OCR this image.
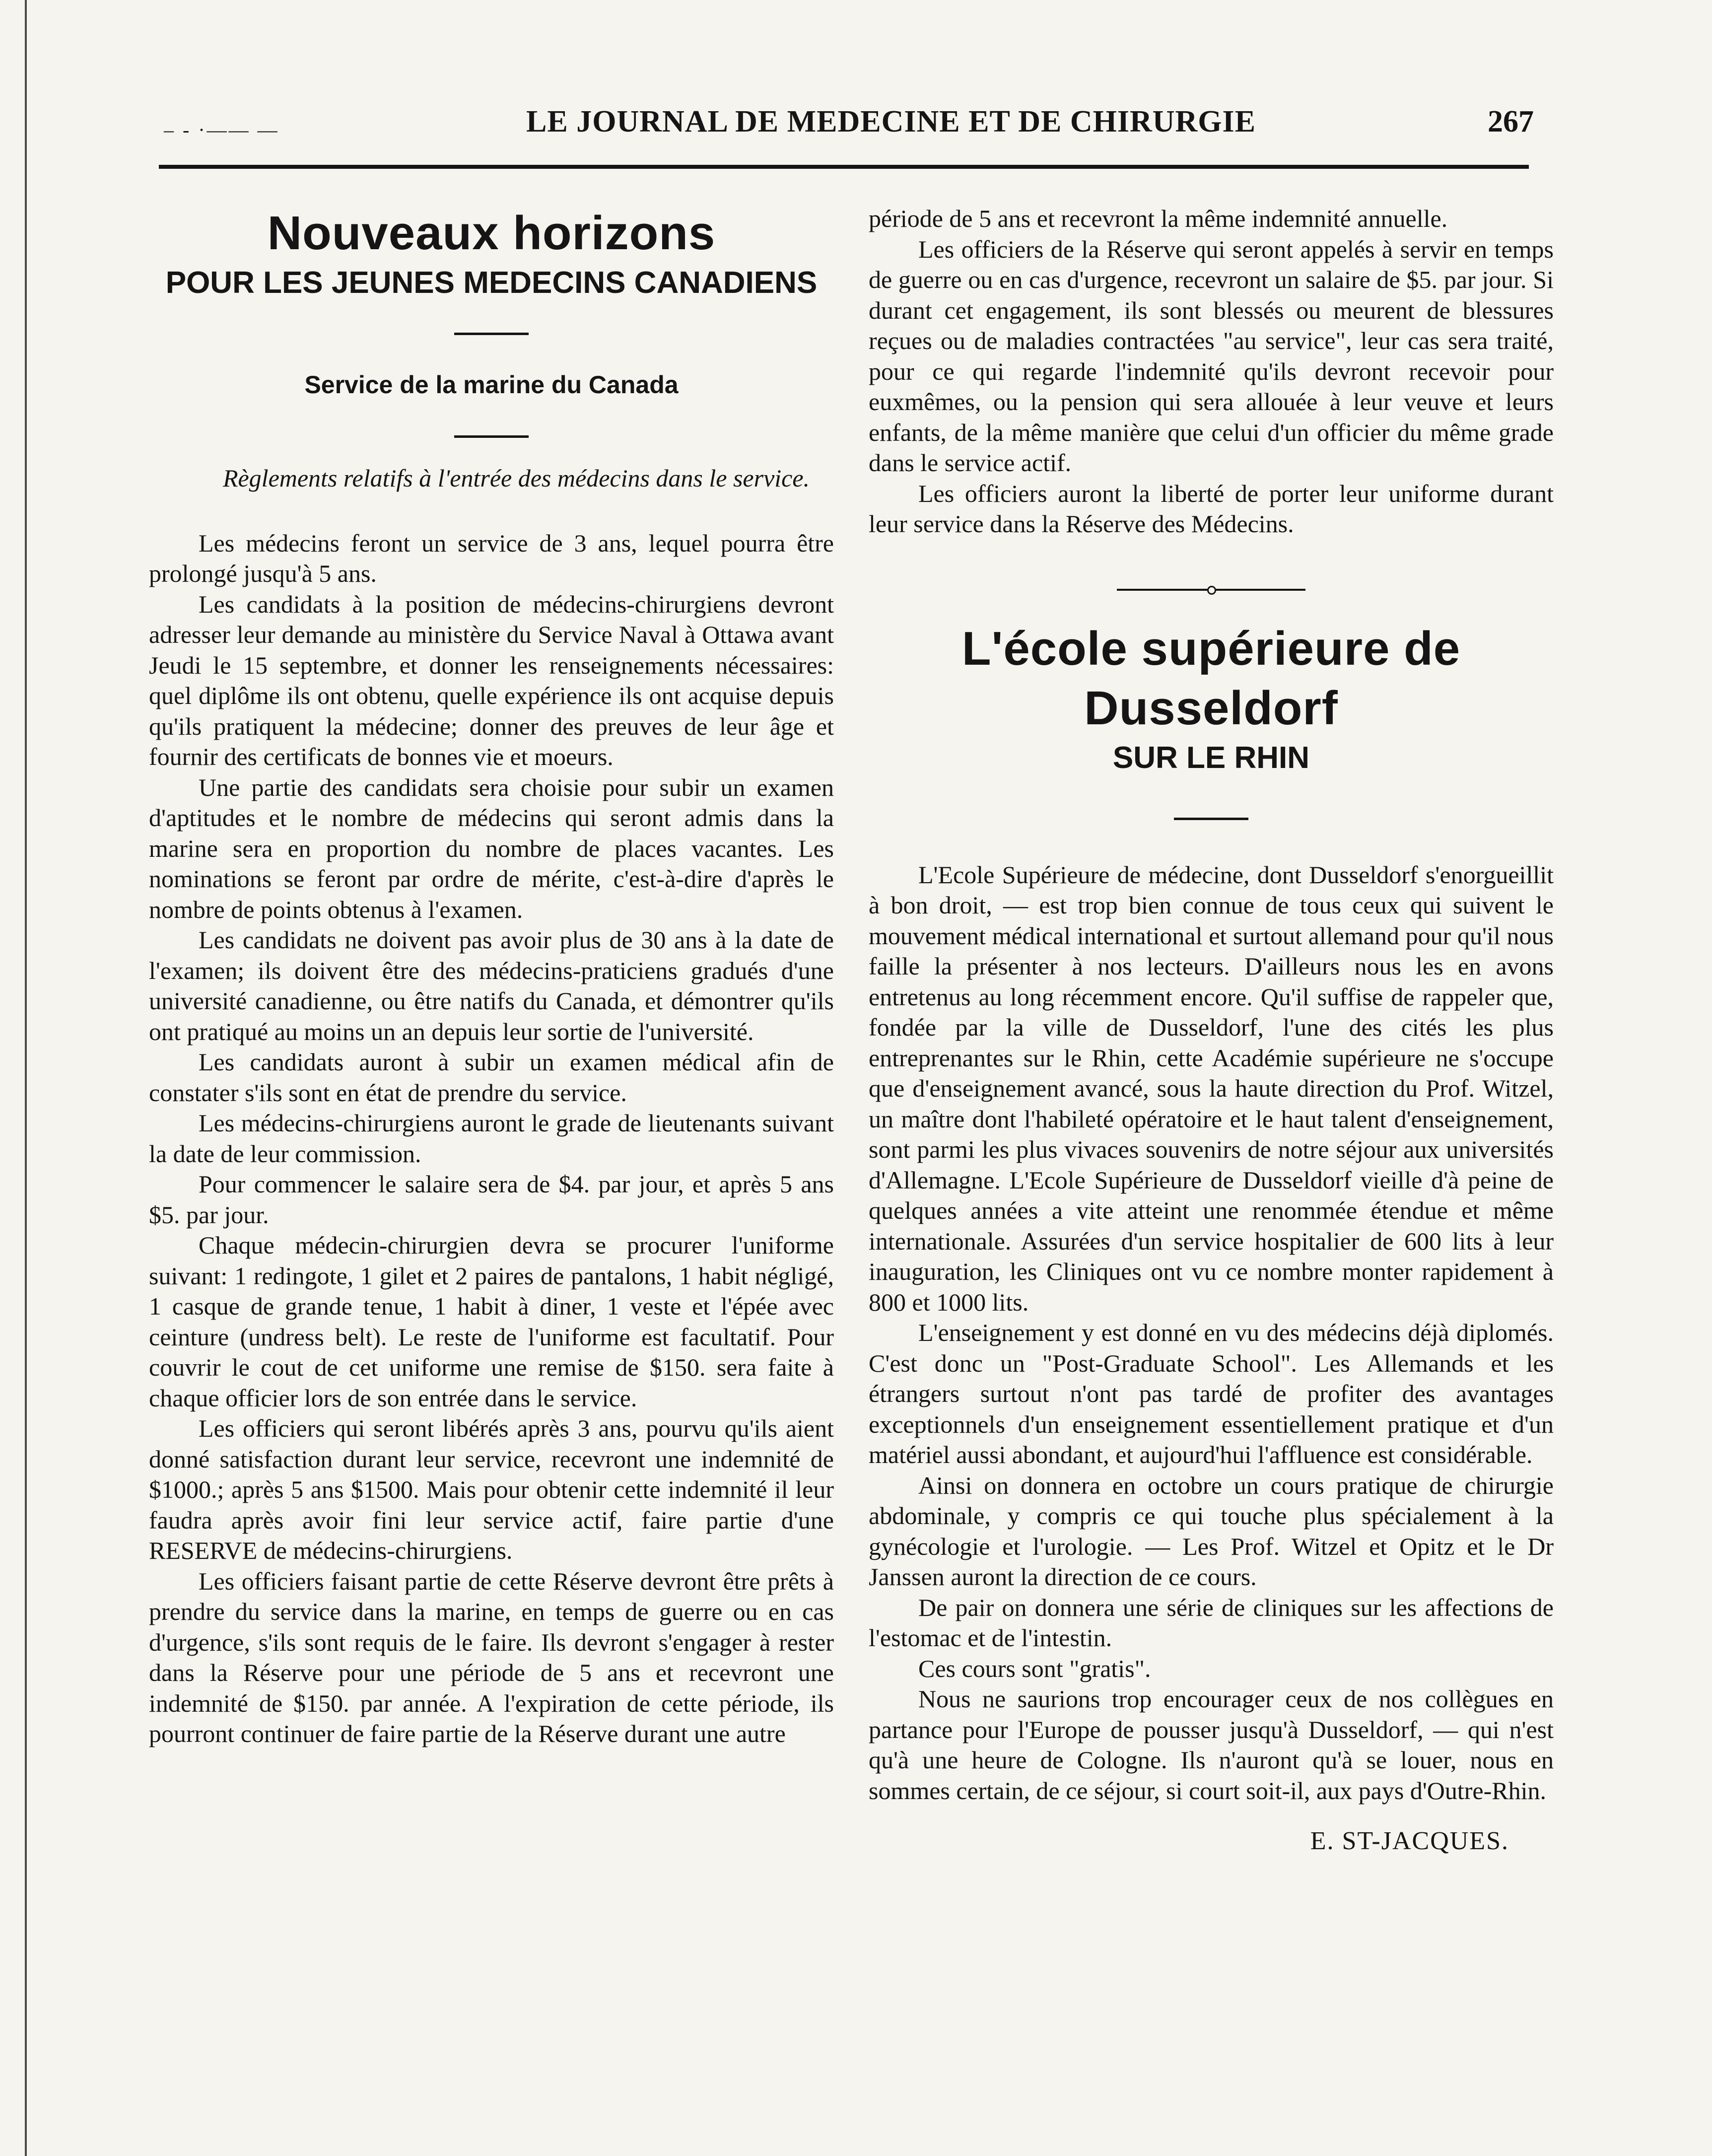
– - ·—— —	LE JOURNAL DE MEDECINE ET DE CHIRURGIE	267
Nouveaux horizons
POUR LES JEUNES MEDECINS CANADIENS
Service de la marine du Canada

Règlements relatifs à l'entrée des médecins dans le service.

Les médecins feront un service de 3 ans, lequel pourra être prolongé jusqu'à 5 ans.

Les candidats à la position de médecins-chirurgiens devront adresser leur demande au ministère du Service Naval à Ottawa avant Jeudi le 15 septembre, et donner les renseignements nécessaires: quel diplôme ils ont obtenu, quelle expérience ils ont acquise depuis qu'ils pratiquent la médecine; donner des preuves de leur âge et fournir des certificats de bonnes vie et moeurs.

Une partie des candidats sera choisie pour subir un examen d'aptitudes et le nombre de médecins qui seront admis dans la marine sera en proportion du nombre de places vacantes. Les nominations se feront par ordre de mérite, c'est-à-dire d'après le nombre de points obtenus à l'examen.

Les candidats ne doivent pas avoir plus de 30 ans à la date de l'examen; ils doivent être des médecins-praticiens gradués d'une université canadienne, ou être natifs du Canada, et démontrer qu'ils ont pratiqué au moins un an depuis leur sortie de l'université.

Les candidats auront à subir un examen médical afin de constater s'ils sont en état de prendre du service.

Les médecins-chirurgiens auront le grade de lieutenants suivant la date de leur commission.

Pour commencer le salaire sera de $4. par jour, et après 5 ans $5. par jour.

Chaque médecin-chirurgien devra se procurer l'uniforme suivant: 1 redingote, 1 gilet et 2 paires de pantalons, 1 habit négligé, 1 casque de grande tenue, 1 habit à diner, 1 veste et l'épée avec ceinture (undress belt). Le reste de l'uniforme est facultatif. Pour couvrir le cout de cet uniforme une remise de $150. sera faite à chaque officier lors de son entrée dans le service.

Les officiers qui seront libérés après 3 ans, pourvu qu'ils aient donné satisfaction durant leur service, recevront une indemnité de $1000.; après 5 ans $1500. Mais pour obtenir cette indemnité il leur faudra après avoir fini leur service actif, faire partie d'une RESERVE de médecins-chirurgiens.

Les officiers faisant partie de cette Réserve devront être prêts à prendre du service dans la marine, en temps de guerre ou en cas d'urgence, s'ils sont requis de le faire. Ils devront s'engager à rester dans la Réserve pour une période de 5 ans et recevront une indemnité de $150. par année. A l'expiration de cette période, ils pourront continuer de faire partie de la Réserve durant une autre

période de 5 ans et recevront la même indemnité annuelle.

Les officiers de la Réserve qui seront appelés à servir en temps de guerre ou en cas d'urgence, recevront un salaire de $5. par jour. Si durant cet engagement, ils sont blessés ou meurent de blessures reçues ou de maladies contractées "au service", leur cas sera traité, pour ce qui regarde l'indemnité qu'ils devront recevoir pour euxmêmes, ou la pension qui sera allouée à leur veuve et leurs enfants, de la même manière que celui d'un officier du même grade dans le service actif.

Les officiers auront la liberté de porter leur uniforme durant leur service dans la Réserve des Médecins.

L'école supérieure de Dusseldorf
SUR LE RHIN

L'Ecole Supérieure de médecine, dont Dusseldorf s'enorgueillit à bon droit, — est trop bien connue de tous ceux qui suivent le mouvement médical international et surtout allemand pour qu'il nous faille la présenter à nos lecteurs. D'ailleurs nous les en avons entretenus au long récemment encore. Qu'il suffise de rappeler que, fondée par la ville de Dusseldorf, l'une des cités les plus entreprenantes sur le Rhin, cette Académie supérieure ne s'occupe que d'enseignement avancé, sous la haute direction du Prof. Witzel, un maître dont l'habileté opératoire et le haut talent d'enseignement, sont parmi les plus vivaces souvenirs de notre séjour aux universités d'Allemagne. L'Ecole Supérieure de Dusseldorf vieille d'à peine de quelques années a vite atteint une renommée étendue et même internationale. Assurées d'un service hospitalier de 600 lits à leur inauguration, les Cliniques ont vu ce nombre monter rapidement à 800 et 1000 lits.

L'enseignement y est donné en vu des médecins déjà diplomés. C'est donc un "Post-Graduate School". Les Allemands et les étrangers surtout n'ont pas tardé de profiter des avantages exceptionnels d'un enseignement essentiellement pratique et d'un matériel aussi abondant, et aujourd'hui l'affluence est considérable.

Ainsi on donnera en octobre un cours pratique de chirurgie abdominale, y compris ce qui touche plus spécialement à la gynécologie et l'urologie. — Les Prof. Witzel et Opitz et le Dr Janssen auront la direction de ce cours.

De pair on donnera une série de cliniques sur les affections de l'estomac et de l'intestin.

Ces cours sont "gratis".

Nous ne saurions trop encourager ceux de nos collègues en partance pour l'Europe de pousser jusqu'à Dusseldorf, — qui n'est qu'à une heure de Cologne. Ils n'auront qu'à se louer, nous en sommes certain, de ce séjour, si court soit-il, aux pays d'Outre-Rhin.

E. ST-JACQUES.
